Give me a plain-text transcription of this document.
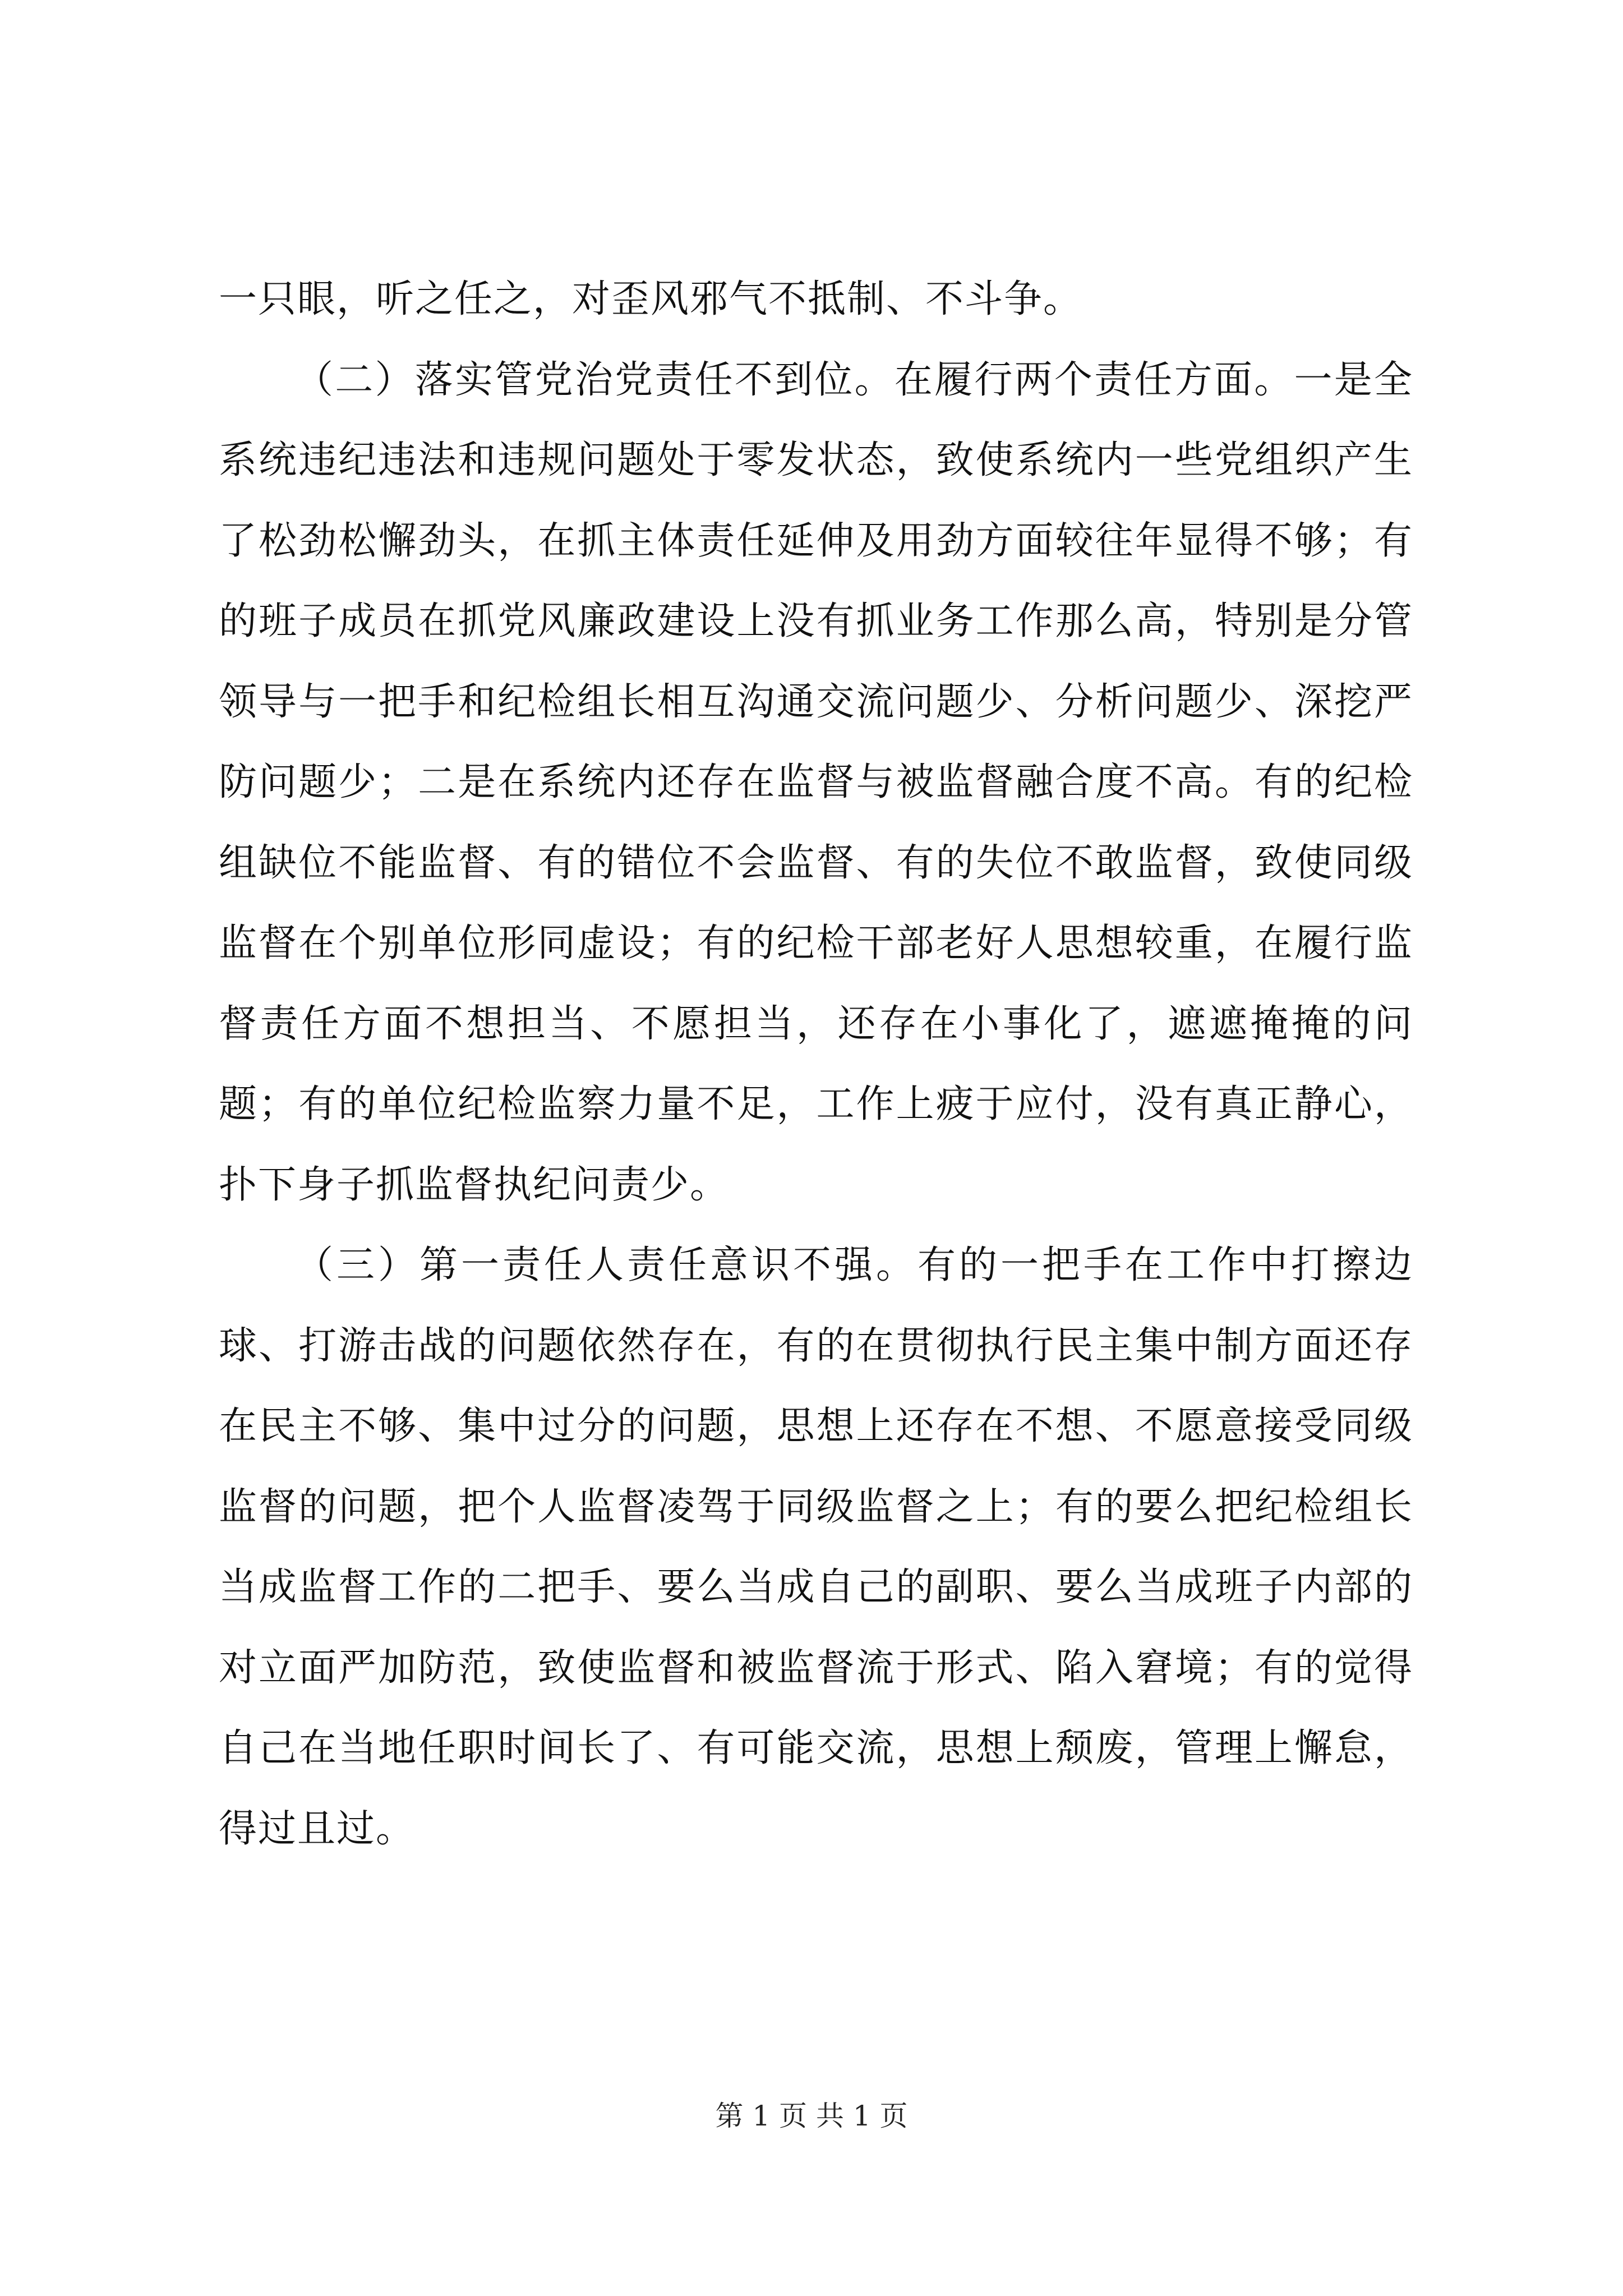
一只眼，听之任之，对歪风邪气不抵制、不斗争。

（二）落实管党治党责任不到位。在履行两个责任方面。一是全系统违纪违法和违规问题处于零发状态，致使系统内一些党组织产生了松劲松懈劲头，在抓主体责任延伸及用劲方面较往年显得不够；有的班子成员在抓党风廉政建设上没有抓业务工作那么高，特别是分管领导与一把手和纪检组长相互沟通交流问题少、分析问题少、深挖严防问题少；二是在系统内还存在监督与被监督融合度不高。有的纪检组缺位不能监督、有的错位不会监督、有的失位不敢监督，致使同级监督在个别单位形同虚设；有的纪检干部老好人思想较重，在履行监督责任方面不想担当、不愿担当，还存在小事化了，遮遮掩掩的问题；有的单位纪检监察力量不足，工作上疲于应付，没有真正静心，扑下身子抓监督执纪问责少。

（三）第一责任人责任意识不强。有的一把手在工作中打擦边球、打游击战的问题依然存在，有的在贯彻执行民主集中制方面还存在民主不够、集中过分的问题，思想上还存在不想、不愿意接受同级监督的问题，把个人监督凌驾于同级监督之上；有的要么把纪检组长当成监督工作的二把手、要么当成自己的副职、要么当成班子内部的对立面严加防范，致使监督和被监督流于形式、陷入窘境；有的觉得自己在当地任职时间长了、有可能交流，思想上颓废，管理上懈怠，得过且过。

第 1 页 共 1 页
